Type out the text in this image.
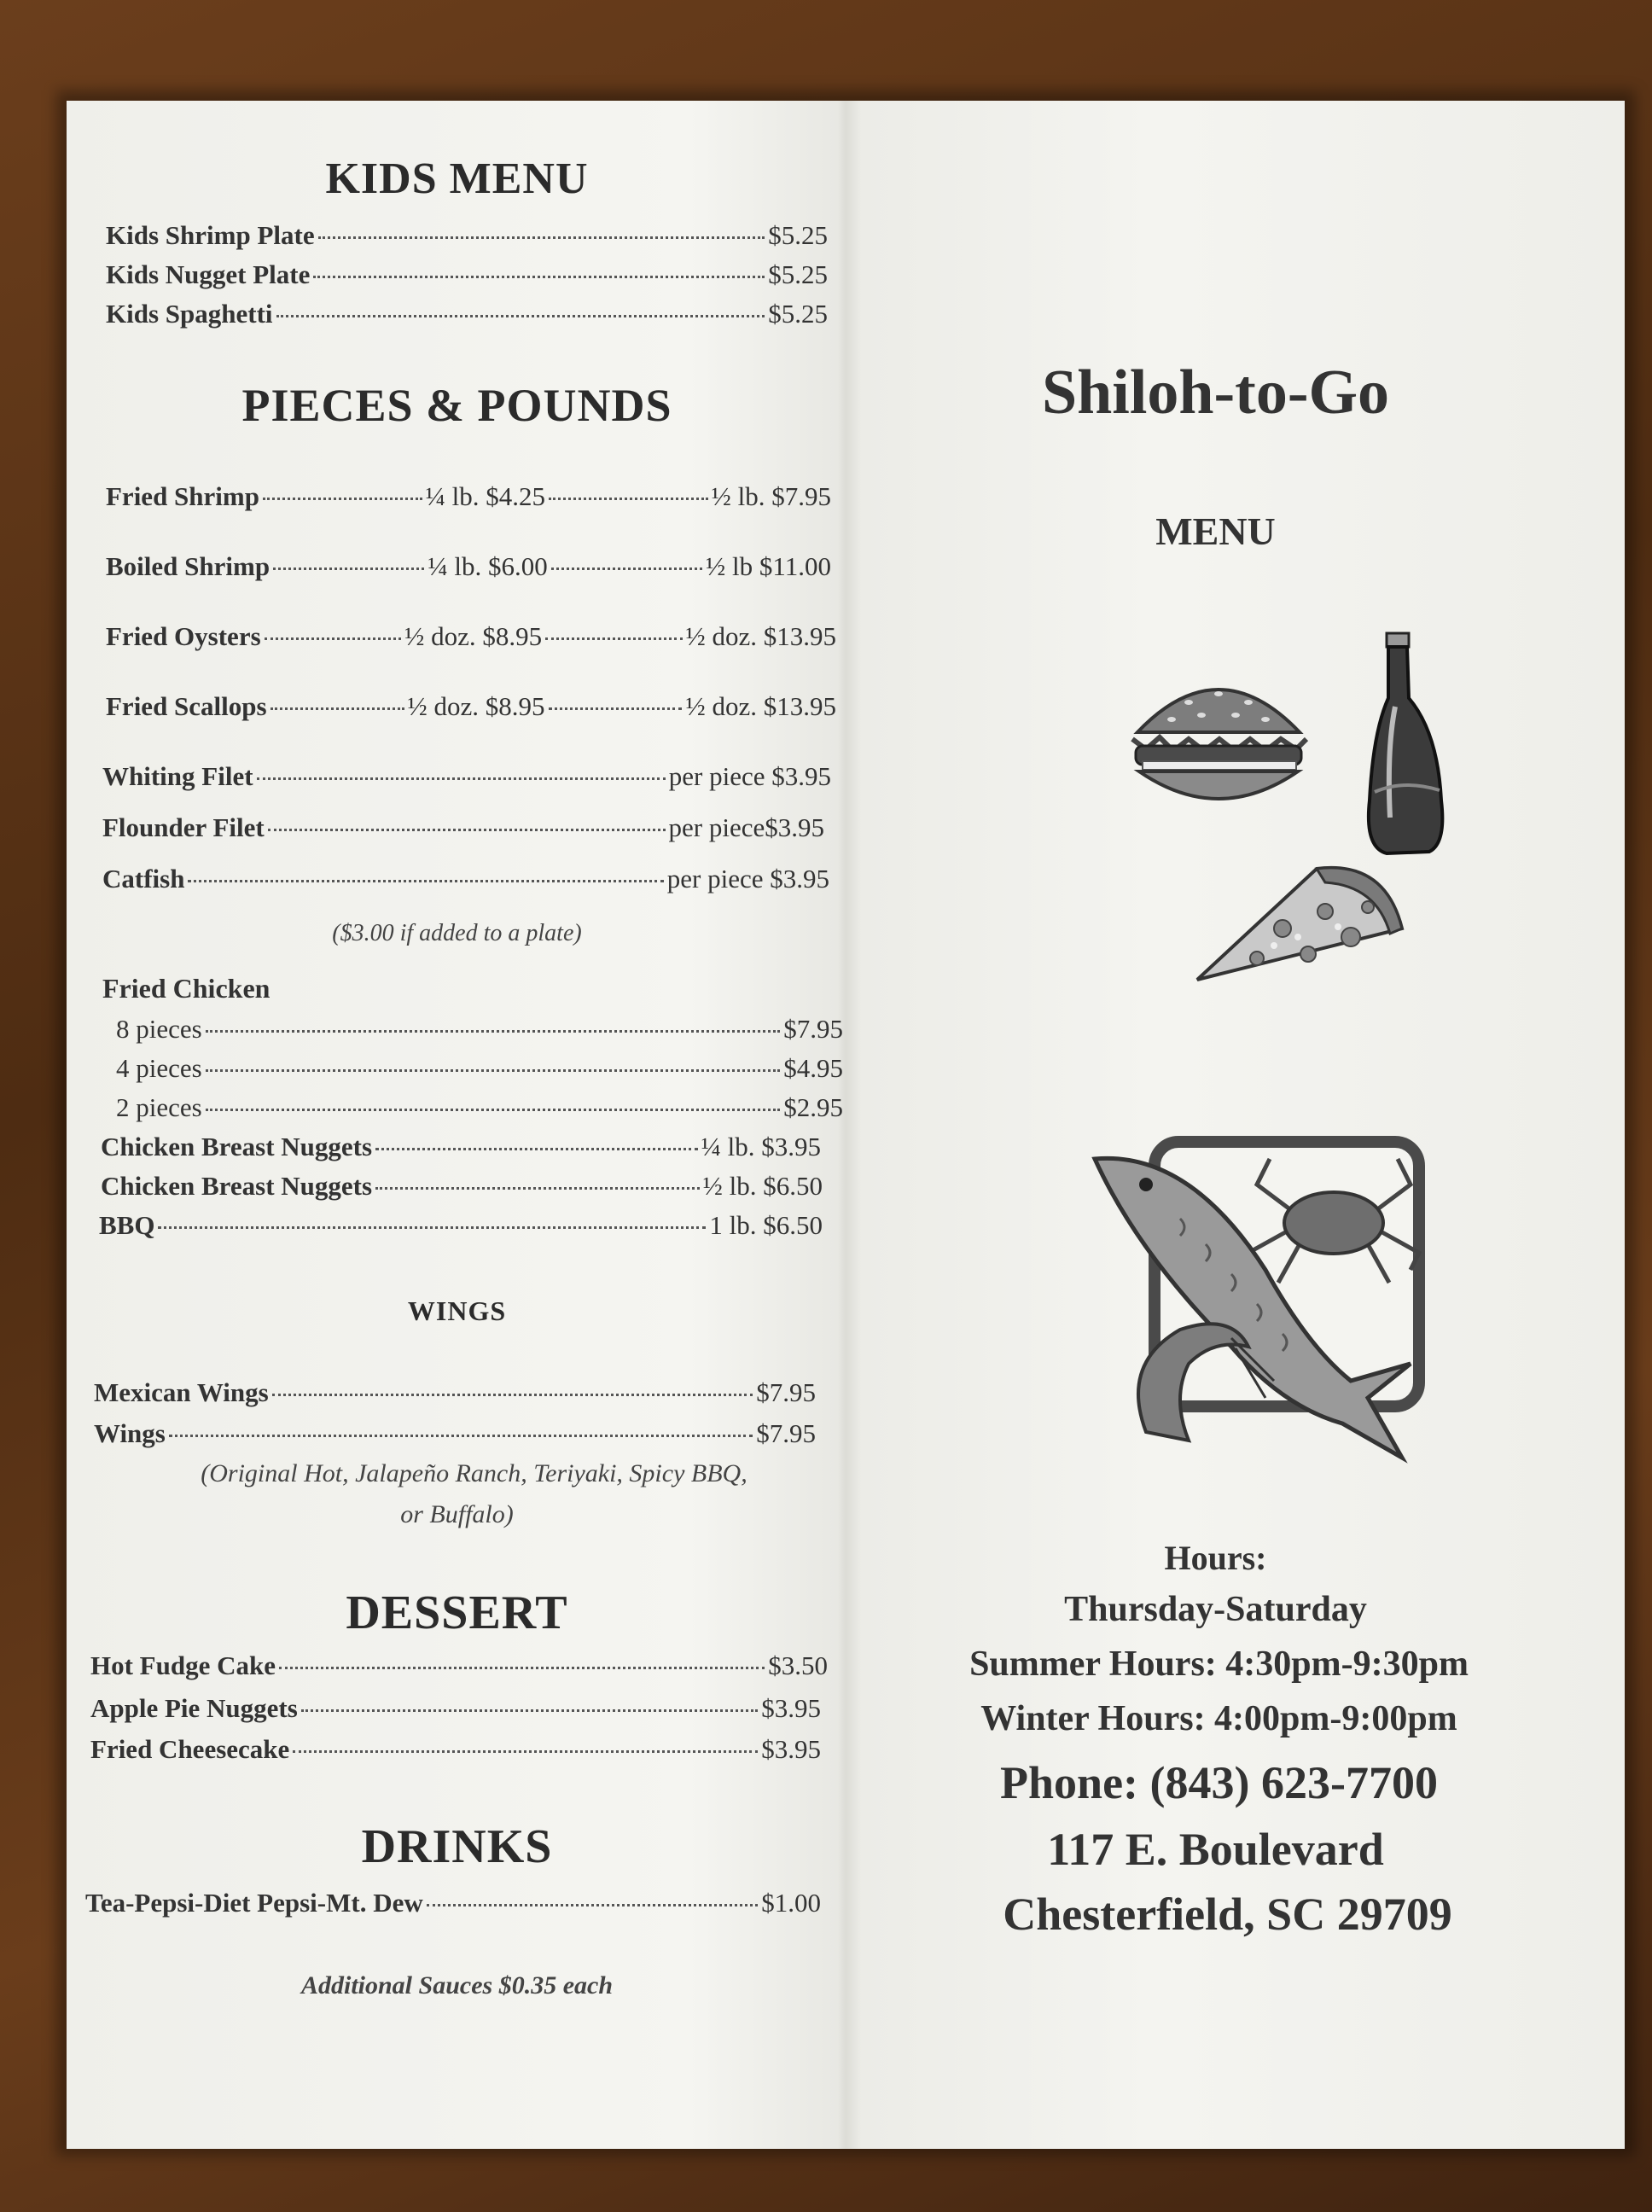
KIDS MENU
Kids Shrimp Plate	$5.25
Kids Nugget Plate	$5.25
Kids Spaghetti	$5.25
PIECES & POUNDS
Fried Shrimp	¼ lb. $4.25	½ lb. $7.95
Boiled Shrimp	¼ lb. $6.00	½ lb $11.00
Fried Oysters	½ doz. $8.95	½ doz. $13.95
Fried Scallops	½ doz. $8.95	½ doz. $13.95
Whiting Filet	per piece $3.95
Flounder Filet	per piece$3.95
Catfish	per piece $3.95
($3.00 if added to a plate)
Fried Chicken
8 pieces	$7.95
4 pieces	$4.95
2 pieces	$2.95
Chicken Breast Nuggets	¼ lb. $3.95
Chicken Breast Nuggets	½ lb. $6.50
BBQ	1 lb. $6.50
WINGS
Mexican Wings	$7.95
Wings	$7.95
(Original Hot, Jalapeño Ranch, Teriyaki, Spicy BBQ,
or Buffalo)
DESSERT
Hot Fudge Cake	$3.50
Apple Pie Nuggets	$3.95
Fried Cheesecake	$3.95
DRINKS
Tea-Pepsi-Diet Pepsi-Mt. Dew	$1.00
Additional Sauces $0.35 each
Shiloh-to-Go
MENU
Hours:
Thursday-Saturday
Summer Hours: 4:30pm-9:30pm
Winter Hours: 4:00pm-9:00pm
Phone: (843) 623-7700
117 E. Boulevard
Chesterfield, SC 29709
